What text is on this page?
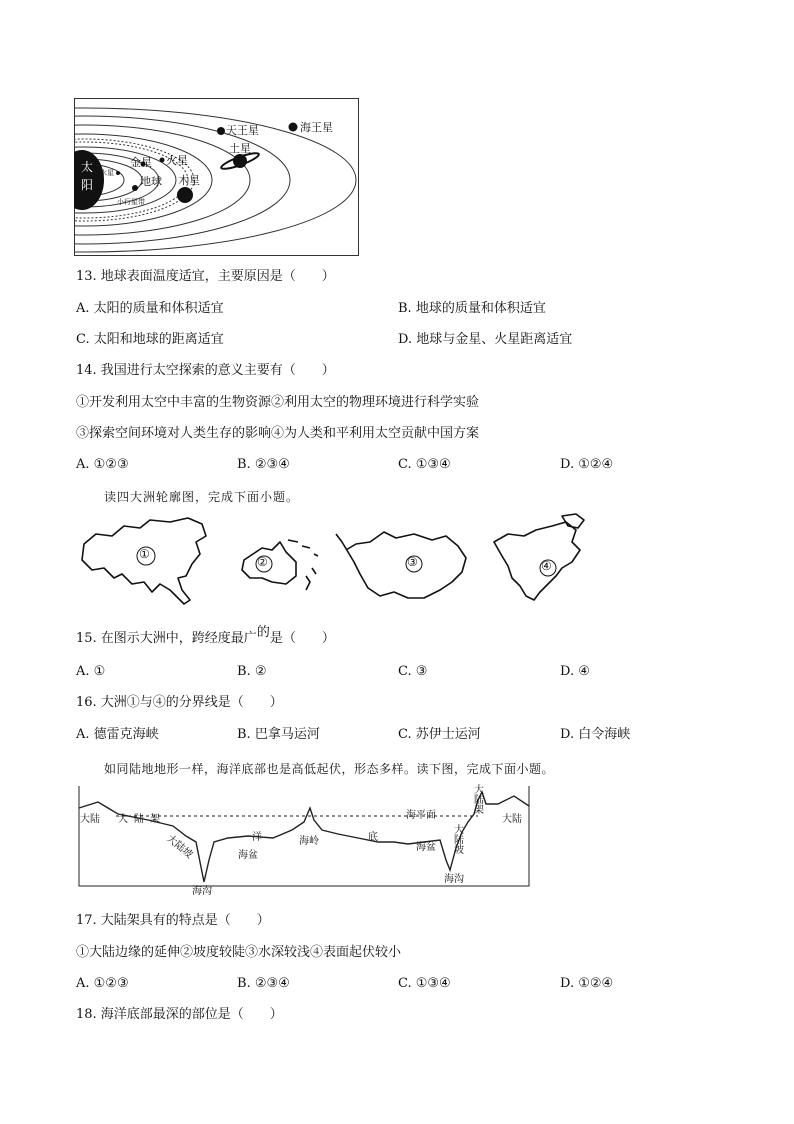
太阳
水星
金星 火星
地球 木星
土星
天王星	海王星
小行星带
13. 地球表面温度适宜，主要原因是（　　）
A. 太阳的质量和体积适宜	B. 地球的质量和体积适宜
C. 太阳和地球的距离适宜	D. 地球与金星、火星距离适宜
14. 我国进行太空探索的意义主要有（　　）
①开发利用太空中丰富的生物资源②利用太空的物理环境进行科学实验
③探索空间环境对人类生存的影响④为人类和平利用太空贡献中国方案
A. ①②③	B. ②③④	C. ①③④	D. ①②④
读四大洲轮廓图，完成下面小题。
①
②	③	④
15. 在图示大洲中，跨经度最广的是（　　）
A. ①	B. ②	C. ③	D. ④
16. 大洲①与④的分界线是（　　）
A. 德雷克海峡	B. 巴拿马运河	C. 苏伊士运河	D. 白令海峡
如同陆地地形一样，海洋底部也是高低起伏，形态多样。读下图，完成下面小题。
大陆 大陆架
大陆坡	洋
海盆
海岭	底
海盆
海平面
大陆架
大陆坡
大陆
海沟
海沟
17. 大陆架具有的特点是（　　）
①大陆边缘的延伸②坡度较陡③水深较浅④表面起伏较小
A. ①②③	B. ②③④	C. ①③④	D. ①②④
18. 海洋底部最深的部位是（　　）
